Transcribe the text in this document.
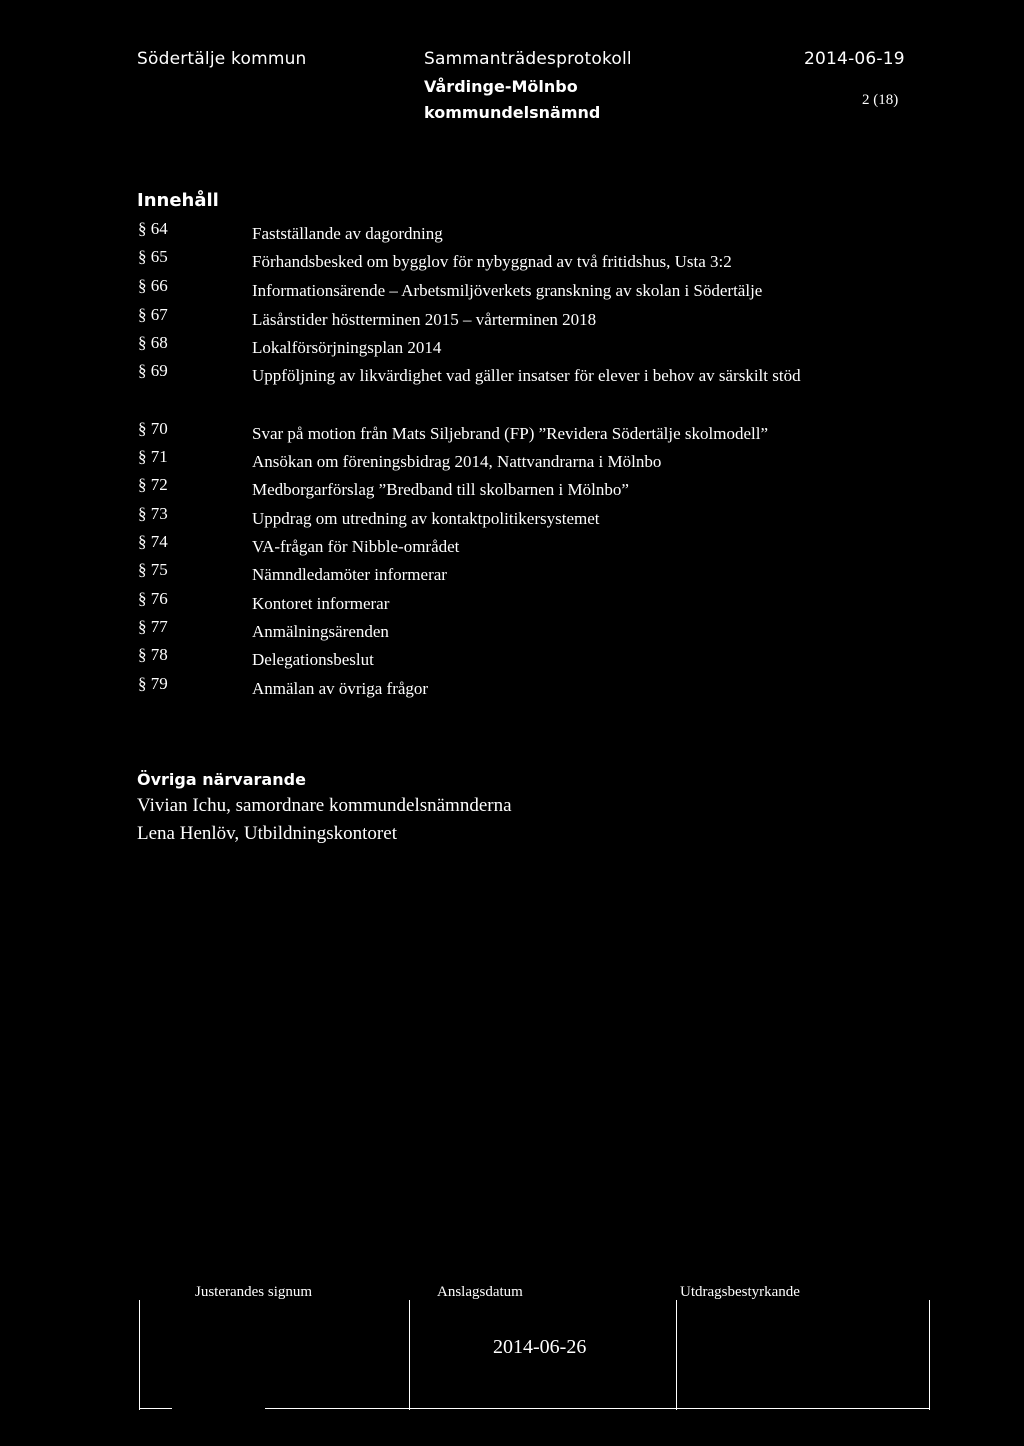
Södertälje kommun	Sammanträdesprotokoll
Vårdinge-Mölnbo
kommundelsnämnd
2014-06-19
2 (18)
Innehåll
§ 64	Fastställande av dagordning
§ 65	Förhandsbesked om bygglov för nybyggnad av två fritidshus, Usta 3:2
§ 66	Informationsärende – Arbetsmiljöverkets granskning av skolan i Södertälje
§ 67	Läsårstider höstterminen 2015 – vårterminen 2018
§ 68	Lokalförsörjningsplan 2014
§ 69	Uppföljning av likvärdighet vad gäller insatser för elever i behov av särskilt stöd
§ 70	Svar på motion från Mats Siljebrand (FP) ”Revidera Södertälje skolmodell”
§ 71	Ansökan om föreningsbidrag 2014, Nattvandrarna i Mölnbo
§ 72	Medborgarförslag ”Bredband till skolbarnen i Mölnbo”
§ 73	Uppdrag om utredning av kontaktpolitikersystemet
§ 74	VA-frågan för Nibble-området
§ 75	Nämndledamöter informerar
§ 76	Kontoret informerar
§ 77	Anmälningsärenden
§ 78	Delegationsbeslut
§ 79	Anmälan av övriga frågor
Övriga närvarande
Vivian Ichu, samordnare kommundelsnämnderna
Lena Henlöv, Utbildningskontoret
Justerandes signum	Anslagsdatum	Utdragsbestyrkande
2014-06-26
